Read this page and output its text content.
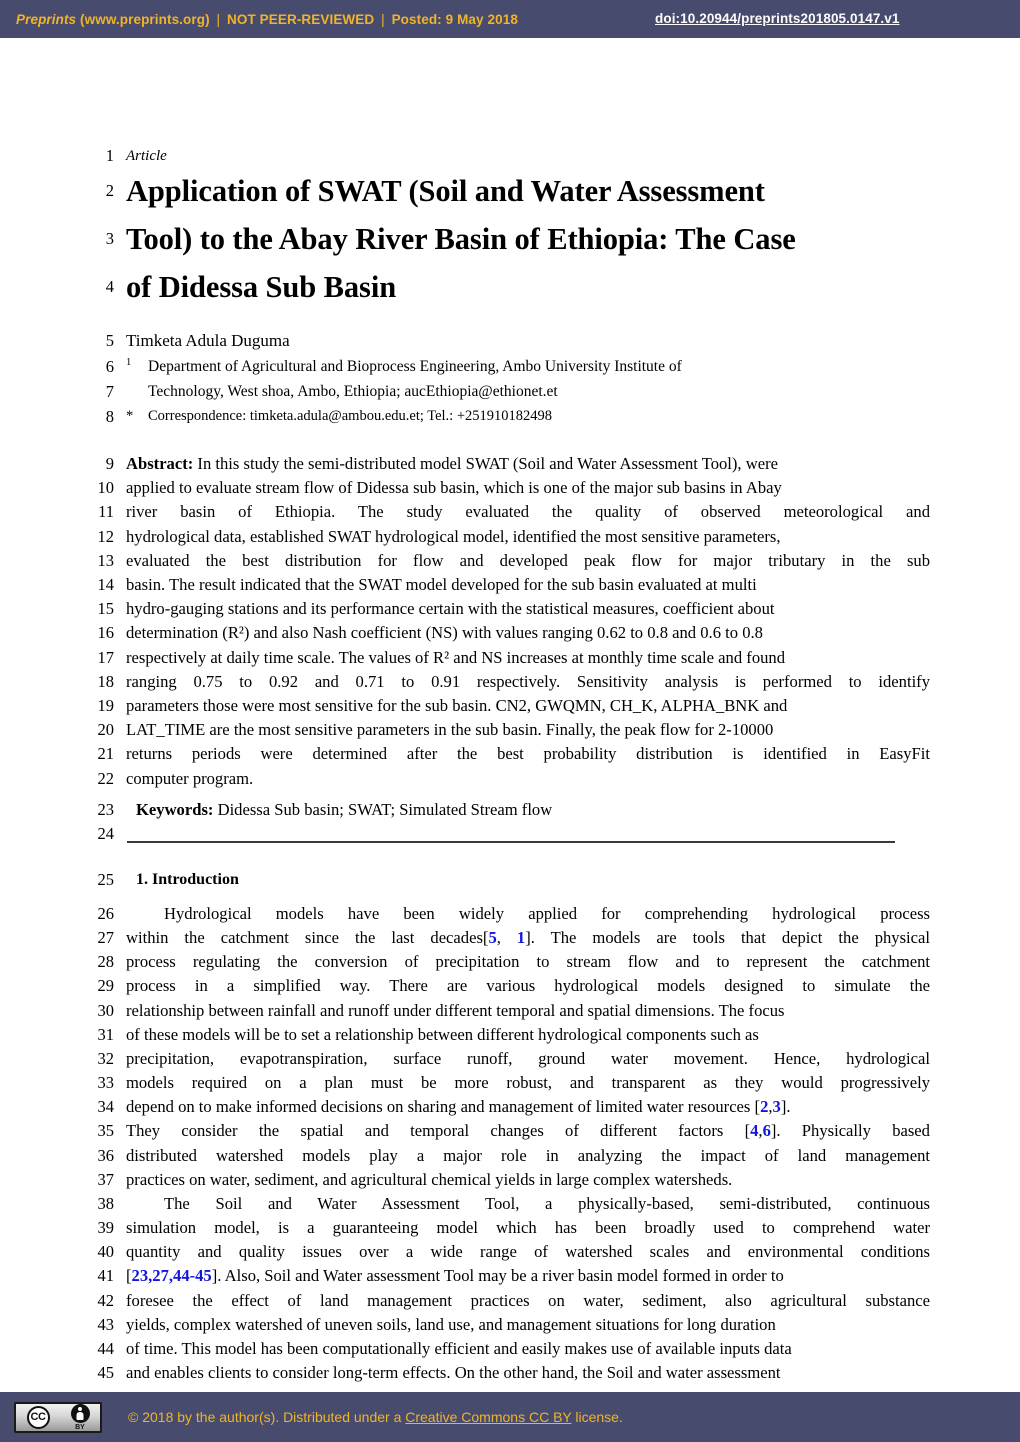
Preprints (www.preprints.org) | NOT PEER-REVIEWED | Posted: 9 May 2018	doi:10.20944/preprints201805.0147.v1
1 Article
2 Application of SWAT (Soil and Water Assessment
3 Tool) to the Abay River Basin of Ethiopia: The Case
4 of Didessa Sub Basin
5 Timketa Adula Duguma
6	1	Department of Agricultural and Bioprocess Engineering, Ambo University Institute of
7	Technology, West shoa, Ambo, Ethiopia; aucEthiopia@ethionet.et
8 *	Correspondence: timketa.adula@ambou.edu.et; Tel.: +251910182498
9 Abstract: In this study the semi-distributed model SWAT (Soil and Water Assessment Tool), were
10 applied to evaluate stream flow of Didessa sub basin, which is one of the major sub basins in Abay
11 river basin of Ethiopia. The study evaluated the quality of observed meteorological and
12 hydrological data, established SWAT hydrological model, identified the most sensitive parameters,
13 evaluated the best distribution for flow and developed peak flow for major tributary in the sub
14 basin. The result indicated that the SWAT model developed for the sub basin evaluated at multi
15 hydro-gauging stations and its performance certain with the statistical measures, coefficient about
16 determination (R²) and also Nash coefficient (NS) with values ranging 0.62 to 0.8 and 0.6 to 0.8
17 respectively at daily time scale. The values of R² and NS increases at monthly time scale and found
18 ranging 0.75 to 0.92 and 0.71 to 0.91 respectively. Sensitivity analysis is performed to identify
19 parameters those were most sensitive for the sub basin. CN2, GWQMN, CH_K, ALPHA_BNK and
20 LAT_TIME are the most sensitive parameters in the sub basin. Finally, the peak flow for 2-10000
21 returns periods were determined after the best probability distribution is identified in EasyFit
22 computer program.
23	Keywords: Didessa Sub basin; SWAT; Simulated Stream flow
24

25	1. Introduction
26	Hydrological models have been widely applied for comprehending hydrological process
27 within the catchment since the last decades[5, 1]. The models are tools that depict the physical
28 process regulating the conversion of precipitation to stream flow and to represent the catchment
29 process in a simplified way. There are various hydrological models designed to simulate the
30 relationship between rainfall and runoff under different temporal and spatial dimensions. The focus
31 of these models will be to set a relationship between different hydrological components such as
32 precipitation, evapotranspiration, surface runoff, ground water movement. Hence, hydrological
33 models required on a plan must be more robust, and transparent as they would progressively
34 depend on to make informed decisions on sharing and management of limited water resources [2,3].
35 They consider the spatial and temporal changes of different factors [4,6]. Physically based
36 distributed watershed models play a major role in analyzing the impact of land management
37 practices on water, sediment, and agricultural chemical yields in large complex watersheds.
38	The Soil and Water Assessment Tool, a physically-based, semi-distributed, continuous
39 simulation model, is a guaranteeing model which has been broadly used to comprehend water
40 quantity and quality issues over a wide range of watershed scales and environmental conditions
41 [23,27,44-45]. Also, Soil and Water assessment Tool may be a river basin model formed in order to
42 foresee the effect of land management practices on water, sediment, also agricultural substance
43 yields, complex watershed of uneven soils, land use, and management situations for long duration
44 of time. This model has been computationally efficient and easily makes use of available inputs data
45 and enables clients to consider long-term effects. On the other hand, the Soil and water assessment
CC
BY
© 2018 by the author(s). Distributed under a Creative Commons CC BY license.
